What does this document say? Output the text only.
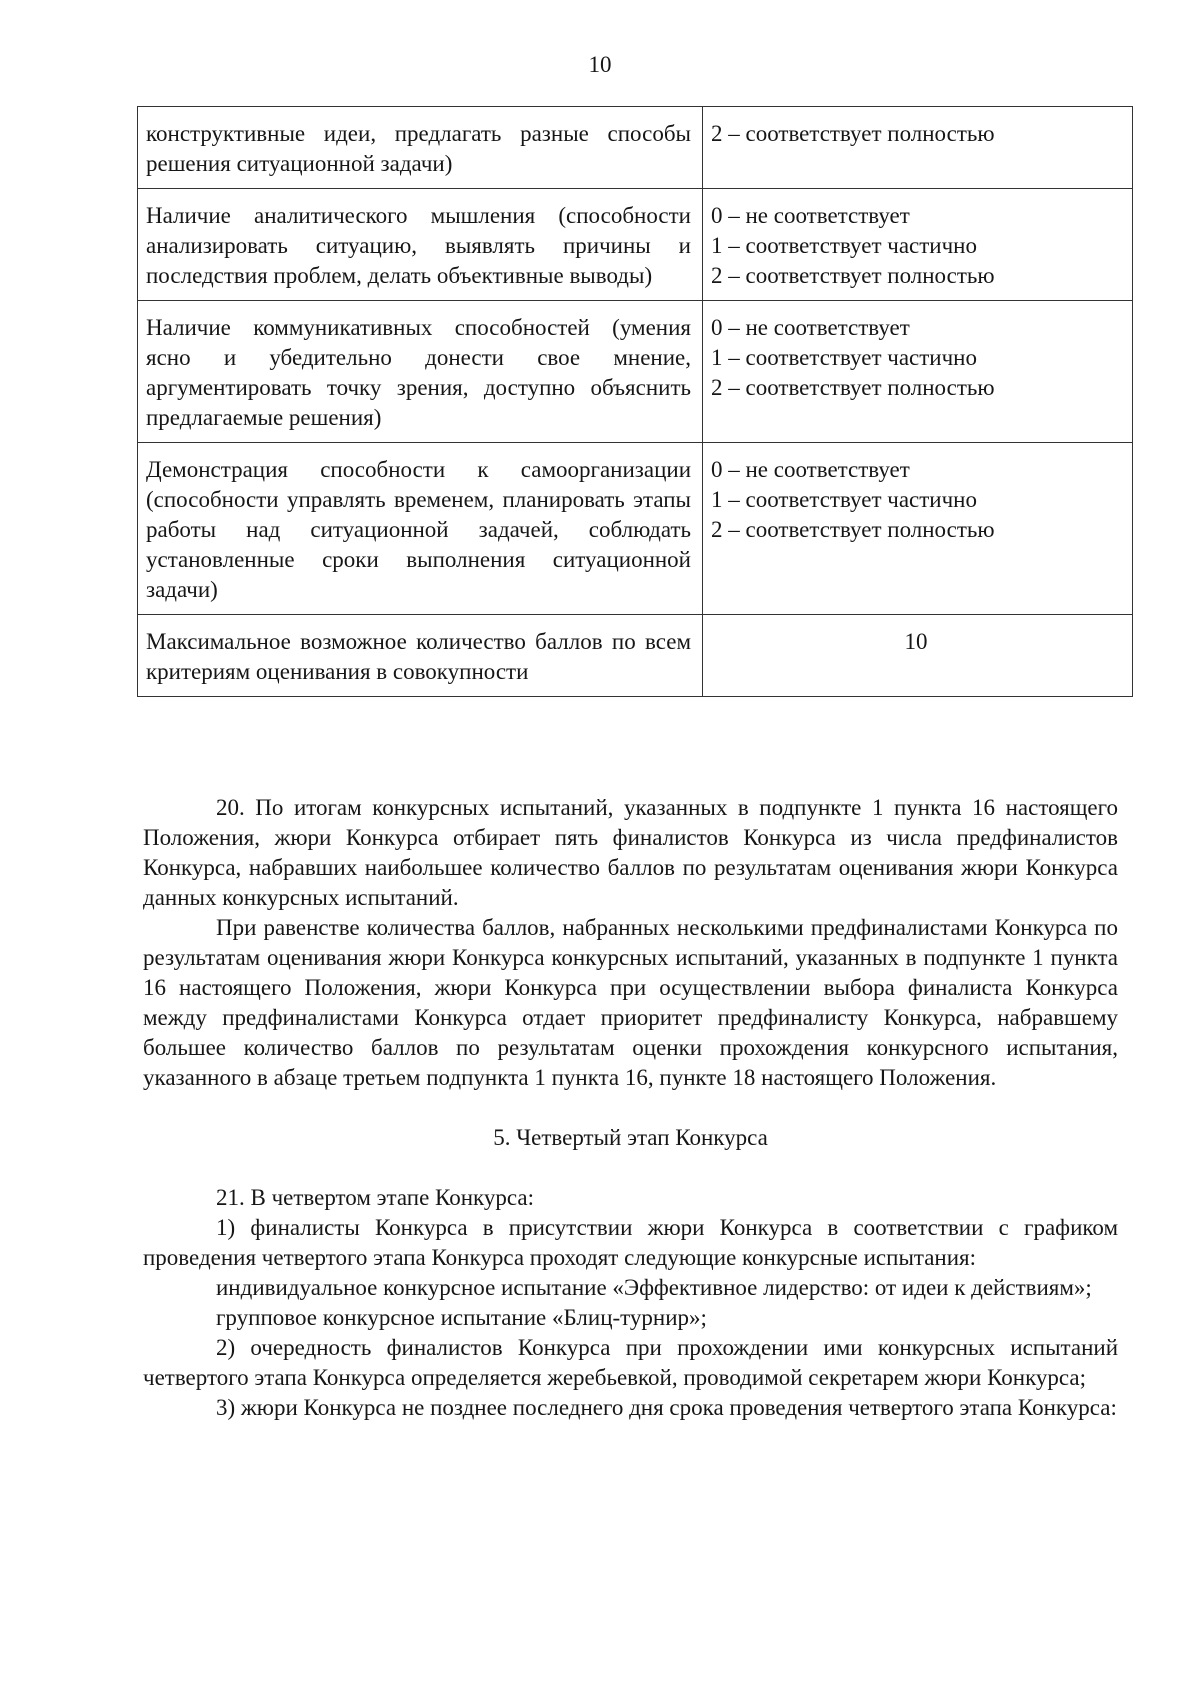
10
конструктивные идеи, предлагать разные способы решения ситуационной задачи)	2 – соответствует полностью

Наличие аналитического мышления (способности анализировать ситуацию, выявлять причины и последствия проблем, делать объективные выводы)	0 – не соответствует
1 – соответствует частично
2 – соответствует полностью

Наличие коммуникативных способностей (умения ясно и убедительно донести свое мнение, аргументировать точку зрения, доступно объяснить предлагаемые решения)	0 – не соответствует
1 – соответствует частично
2 – соответствует полностью

Демонстрация способности к самоорганизации (способности управлять временем, планировать этапы работы над ситуационной задачей, соблюдать установленные сроки выполнения ситуационной задачи)	0 – не соответствует
1 – соответствует частично
2 – соответствует полностью

Максимальное возможное количество баллов по всем критериям оценивания в совокупности	10

20. По итогам конкурсных испытаний, указанных в подпункте 1 пункта 16 настоящего Положения, жюри Конкурса отбирает пять финалистов Конкурса из числа предфиналистов Конкурса, набравших наибольшее количество баллов по результатам оценивания жюри Конкурса данных конкурсных испытаний.

При равенстве количества баллов, набранных несколькими предфиналистами Конкурса по результатам оценивания жюри Конкурса конкурсных испытаний, указанных в подпункте 1 пункта 16 настоящего Положения, жюри Конкурса при осуществлении выбора финалиста Конкурса между предфиналистами Конкурса отдает приоритет предфиналисту Конкурса, набравшему большее количество баллов по результатам оценки прохождения конкурсного испытания, указанного в абзаце третьем подпункта 1 пункта 16, пункте 18 настоящего Положения.

5. Четвертый этап Конкурса

21. В четвертом этапе Конкурса:

1) финалисты Конкурса в присутствии жюри Конкурса в соответствии с графиком проведения четвертого этапа Конкурса проходят следующие конкурсные испытания:

индивидуальное конкурсное испытание «Эффективное лидерство: от идеи к действиям»;

групповое конкурсное испытание «Блиц-турнир»;

2) очередность финалистов Конкурса при прохождении ими конкурсных испытаний четвертого этапа Конкурса определяется жеребьевкой, проводимой секретарем жюри Конкурса;

3) жюри Конкурса не позднее последнего дня срока проведения четвертого этапа Конкурса:
